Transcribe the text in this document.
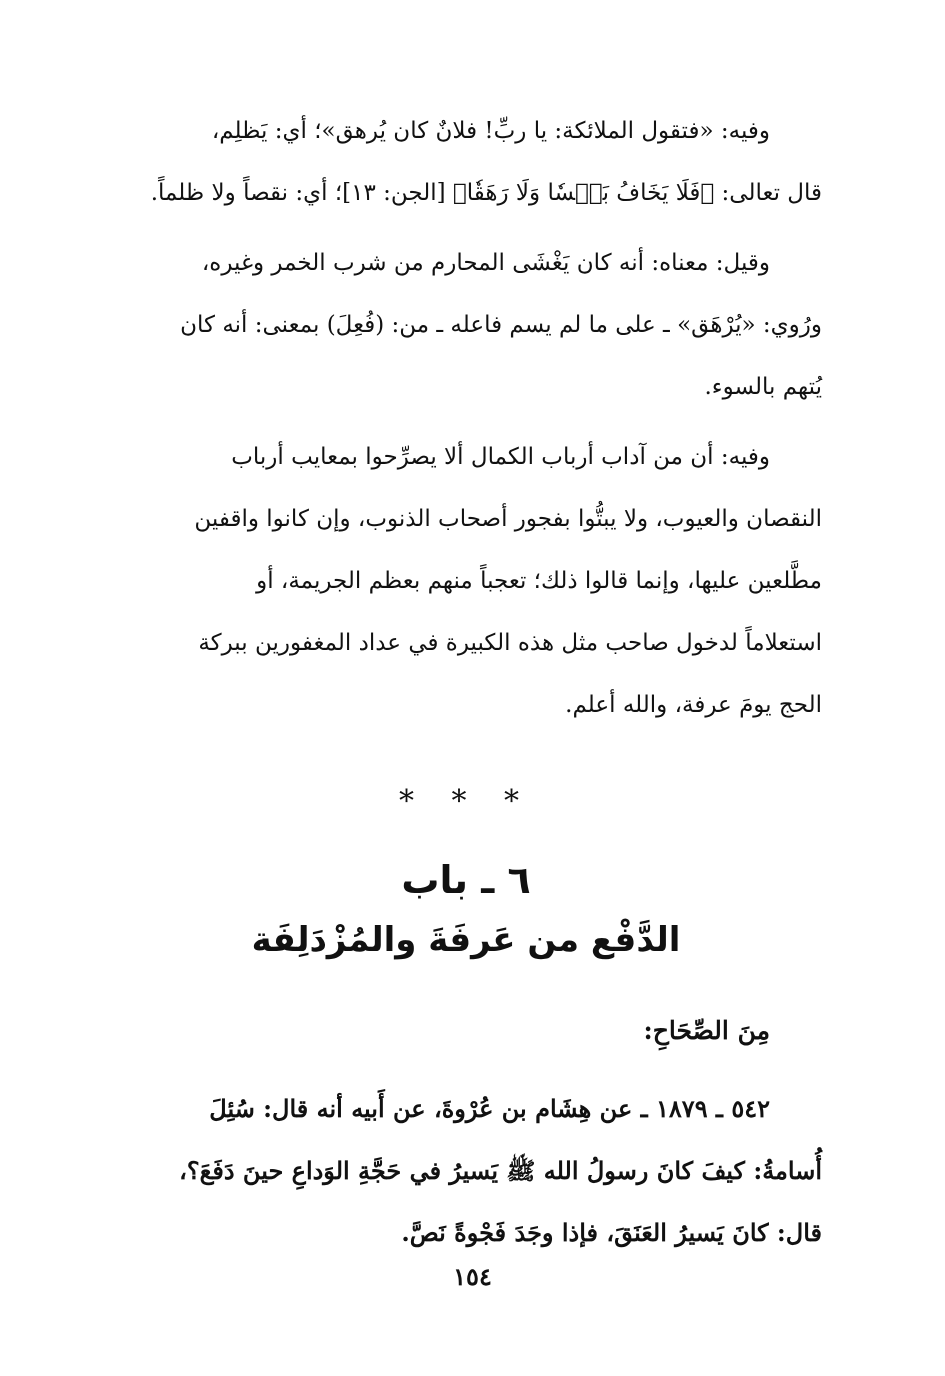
وفيه: «فتقول الملائكة: يا ربِّ! فلانٌ كان يُرهق»؛ أي: يَظلِم،
قال تعالى: ﴿فَلَا يَخَافُ بَخۡسٗا وَلَا رَهَقٗا﴾ [الجن: ١٣]؛ أي: نقصاً ولا ظلماً.
وقيل: معناه: أنه كان يَغْشَى المحارم من شرب الخمر وغيره،
ورُوي: «يُرْهَق» ـ على ما لم يسم فاعله ـ من: (فُعِلَ) بمعنى: أنه كان
يُتهم بالسوء.
وفيه: أن من آداب أرباب الكمال ألا يصرِّحوا بمعايب أرباب
النقصان والعيوب، ولا يبتُّوا بفجور أصحاب الذنوب، وإن كانوا واقفين
مطَّلعين عليها، وإنما قالوا ذلك؛ تعجباً منهم بعظم الجريمة، أو
استعلاماً لدخول صاحب مثل هذه الكبيرة في عداد المغفورين ببركة
الحج يومَ عرفة، والله أعلم.
* * *
٦ ـ باب
الدَّفْع من عَرفَةَ والمُزْدَلِفَة
مِنَ الصِّحَاحِ:
٥٤٢ ـ ١٨٧٩ ـ عن هِشَام بن عُرْوةَ، عن أَبيه أنه قال: سُئِلَ
أُسامةُ: كيفَ كانَ رسولُ الله ﷺ يَسيرُ في حَجَّةِ الوَداعِ حينَ دَفَعَ؟،
قال: كانَ يَسيرُ العَنَقَ، فإذا وجَدَ فَجْوةً نَصَّ.
١٥٤
